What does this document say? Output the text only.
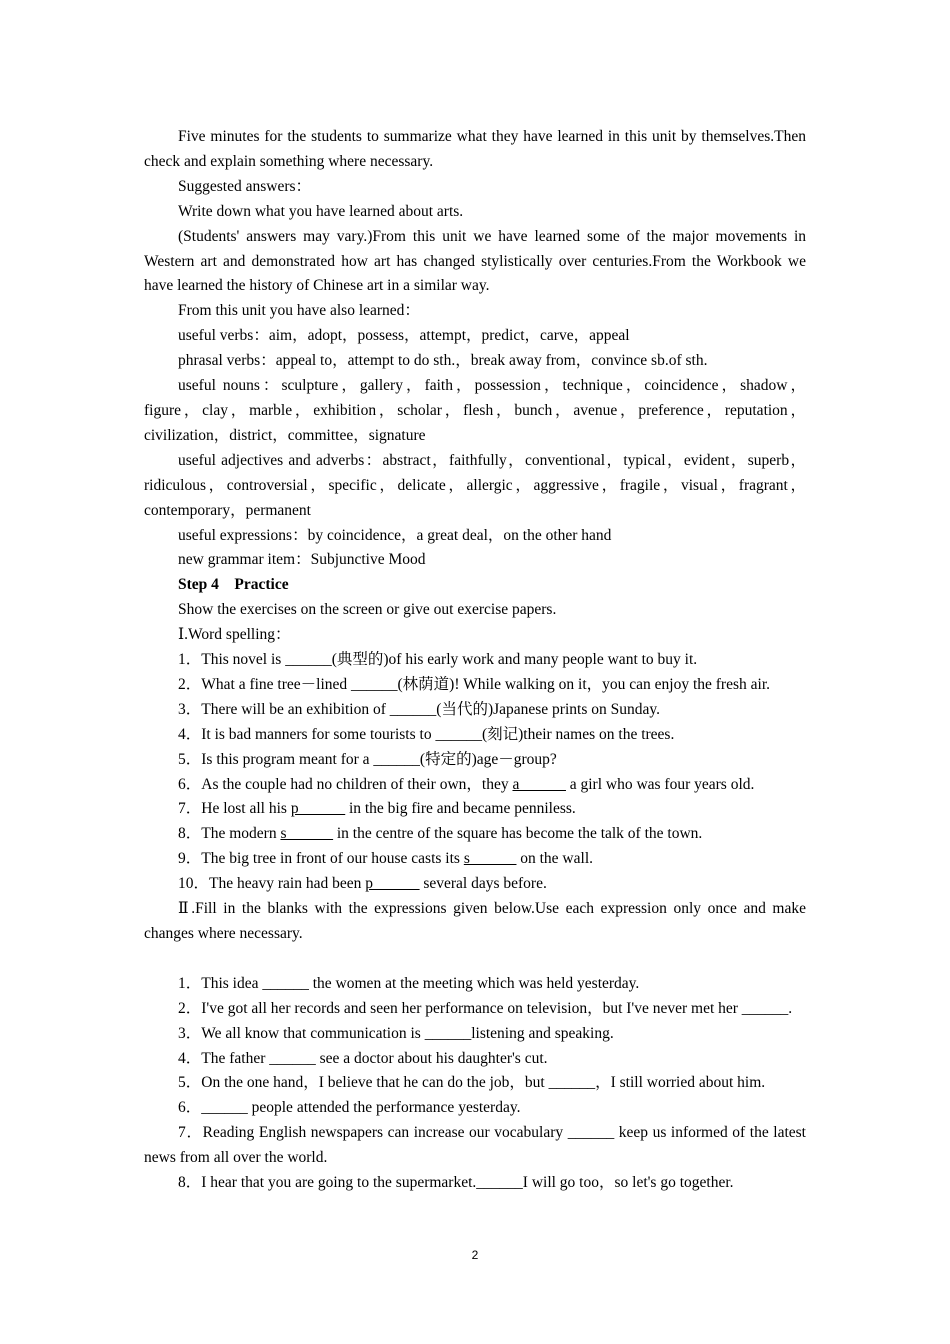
Five minutes for the students to summarize what they have learned in this unit by themselves.Then check and explain something where necessary.

Suggested answers：

Write down what you have learned about arts.

(Students' answers may vary.)From this unit we have learned some of the major movements in Western art and demonstrated how art has changed stylistically over centuries.From the Workbook we have learned the history of Chinese art in a similar way.

From this unit you have also learned：

useful verbs：aim，adopt，possess，attempt，predict，carve，appeal

phrasal verbs：appeal to，attempt to do sth.，break away from，convince sb.of sth.

useful nouns：sculpture，gallery，faith，possession，technique，coincidence，shadow，figure，clay，marble，exhibition，scholar，flesh，bunch，avenue，preference，reputation，civilization，district，committee，signature

useful adjectives and adverbs：abstract，faithfully，conventional，typical，evident，superb，ridiculous，controversial，specific，delicate，allergic，aggressive，fragile，visual，fragrant，contemporary，permanent

useful expressions：by coincidence，a great deal，on the other hand

new grammar item：Subjunctive Mood

Step 4　Practice

Show the exercises on the screen or give out exercise papers.

Ⅰ.Word spelling：

1．This novel is ______(典型的)of his early work and many people want to buy it.

2．What a fine tree－lined ______(林荫道)! While walking on it，you can enjoy the fresh air.

3．There will be an exhibition of ______(当代的)Japanese prints on Sunday.

4．It is bad manners for some tourists to ______(刻记)their names on the trees.

5．Is this program meant for a ______(特定的)age－group?

6．As the couple had no children of their own，they a______ a girl who was four years old.

7．He lost all his p______ in the big fire and became penniless.

8．The modern s______ in the centre of the square has become the talk of the town.

9．The big tree in front of our house casts its s______ on the wall.

10．The heavy rain had been p______ several days before.

Ⅱ.Fill in the blanks with the expressions given below.Use each expression only once and make changes where necessary.

1．This idea ______ the women at the meeting which was held yesterday.

2．I've got all her records and seen her performance on television，but I've never met her ______.

3．We all know that communication is ______listening and speaking.

4．The father ______ see a doctor about his daughter's cut.

5．On the one hand，I believe that he can do the job，but ______，I still worried about him.

6．______ people attended the performance yesterday.

7．Reading English newspapers can increase our vocabulary ______ keep us informed of the latest news from all over the world.

8．I hear that you are going to the supermarket.______I will go too，so let's go together.

2
